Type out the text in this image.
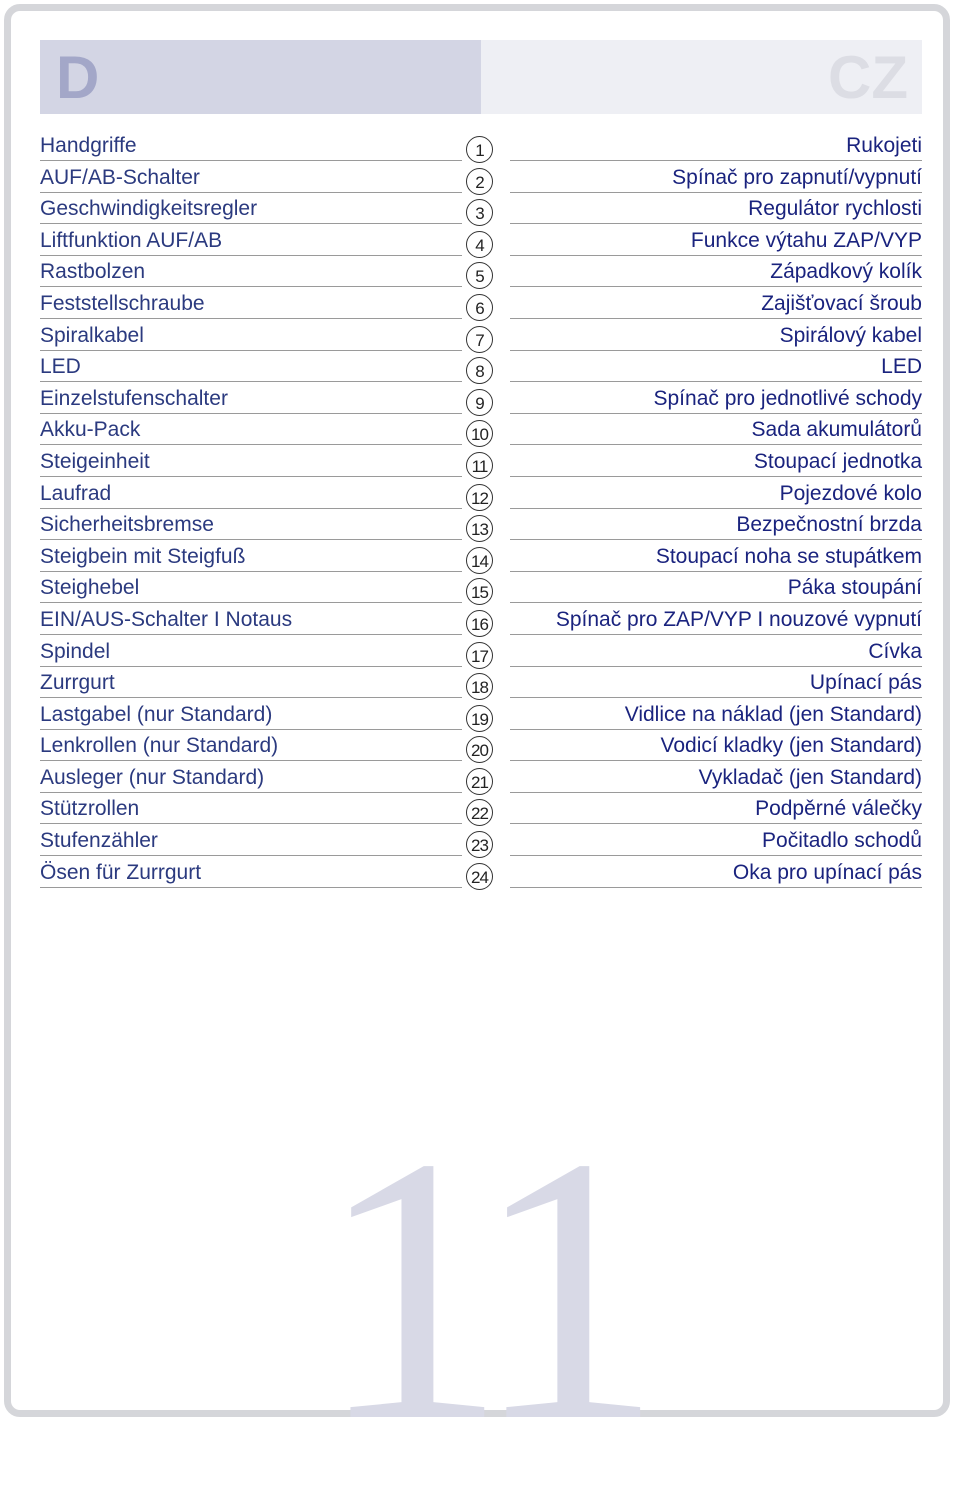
D	CZ
Handgriffe	1	Rukojeti
AUF/AB-Schalter	2	Spínač pro zapnutí/vypnutí
Geschwindigkeitsregler	3	Regulátor rychlosti
Liftfunktion AUF/AB	4	Funkce výtahu ZAP/VYP
Rastbolzen	5	Západkový kolík
Feststellschraube	6	Zajišťovací šroub
Spiralkabel	7	Spirálový kabel
LED	8	LED
Einzelstufenschalter	9	Spínač pro jednotlivé schody
Akku-Pack	10	Sada akumulátorů
Steigeinheit	11	Stoupací jednotka
Laufrad	12	Pojezdové kolo
Sicherheitsbremse	13	Bezpečnostní brzda
Steigbein mit Steigfuß	14	Stoupací noha se stupátkem
Steighebel	15	Páka stoupání
EIN/AUS-Schalter I Notaus	16	Spínač pro ZAP/VYP I nouzové vypnutí
Spindel	17	Cívka
Zurrgurt	18	Upínací pás
Lastgabel (nur Standard)	19	Vidlice na náklad (jen Standard)
Lenkrollen (nur Standard)	20	Vodicí kladky (jen Standard)
Ausleger (nur Standard)	21	Vykladač (jen Standard)
Stützrollen	22	Podpěrné válečky
Stufenzähler	23	Počitadlo schodů
Ösen für Zurrgurt	24	Oka pro upínací pás
11
